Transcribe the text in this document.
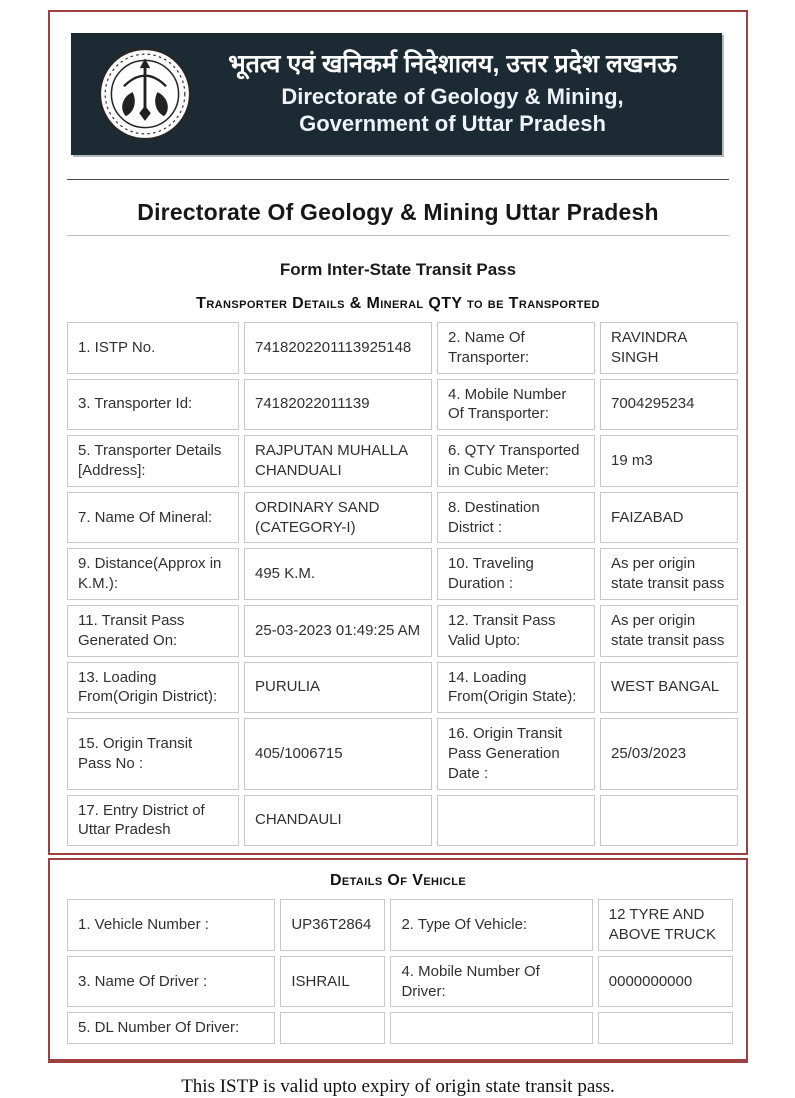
भूतत्व एवं खनिकर्म निदेशालय, उत्तर प्रदेश लखनऊ
Directorate of Geology & Mining,
Government of Uttar Pradesh
Directorate Of Geology & Mining Uttar Pradesh
Form Inter-State Transit Pass
Transporter Details & Mineral QTY to be Transported
1. ISTP No.	7418202201113925148	2. Name Of Transporter:	RAVINDRA SINGH
3. Transporter Id:	74182022011139	4. Mobile Number Of Transporter:	7004295234
5. Transporter Details [Address]:	RAJPUTAN MUHALLA CHANDUALI	6. QTY Transported in Cubic Meter:	19 m3
7. Name Of Mineral:	ORDINARY SAND (CATEGORY-I)	8. Destination District :	FAIZABAD
9. Distance(Approx in K.M.):	495 K.M.	10. Traveling Duration :	As per origin state transit pass
11. Transit Pass Generated On:	25-03-2023 01:49:25 AM	12. Transit Pass Valid Upto:	As per origin state transit pass
13. Loading From(Origin District):	PURULIA	14. Loading From(Origin State):	WEST BANGAL
15. Origin Transit Pass No :	405/1006715	16. Origin Transit Pass Generation Date :	25/03/2023
17. Entry District of Uttar Pradesh	CHANDAULI		
Details Of Vehicle
1. Vehicle Number :	UP36T2864	2. Type Of Vehicle:	12 TYRE AND ABOVE TRUCK
3. Name Of Driver :	ISHRAIL	4. Mobile Number Of Driver:	0000000000
5. DL Number Of Driver:			
This ISTP is valid upto expiry of origin state transit pass.
